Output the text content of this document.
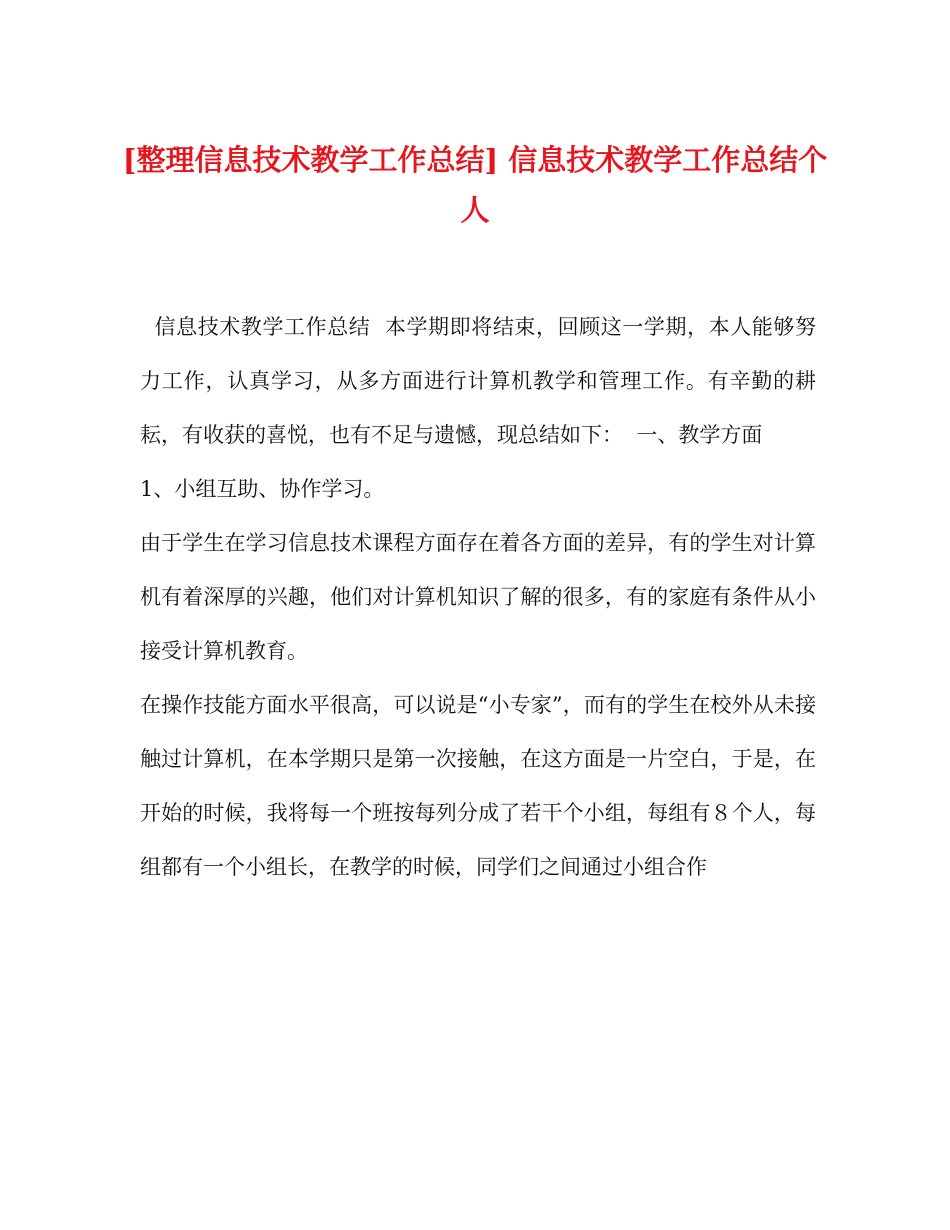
[整理信息技术教学工作总结] 信息技术教学工作总结个人

信息技术教学工作总结  本学期即将结束，回顾这一学期，本人能够努力工作，认真学习，从多方面进行计算机教学和管理工作。有辛勤的耕耘，有收获的喜悦，也有不足与遗憾，现总结如下：  一、教学方面

1、小组互助、协作学习。

由于学生在学习信息技术课程方面存在着各方面的差异，有的学生对计算机有着深厚的兴趣，他们对计算机知识了解的很多，有的家庭有条件从小接受计算机教育。

在操作技能方面水平很高，可以说是“小专家”，而有的学生在校外从未接触过计算机，在本学期只是第一次接触，在这方面是一片空白，于是，在开始的时候，我将每一个班按每列分成了若干个小组，每组有８个人，每组都有一个小组长，在教学的时候，同学们之间通过小组合作
